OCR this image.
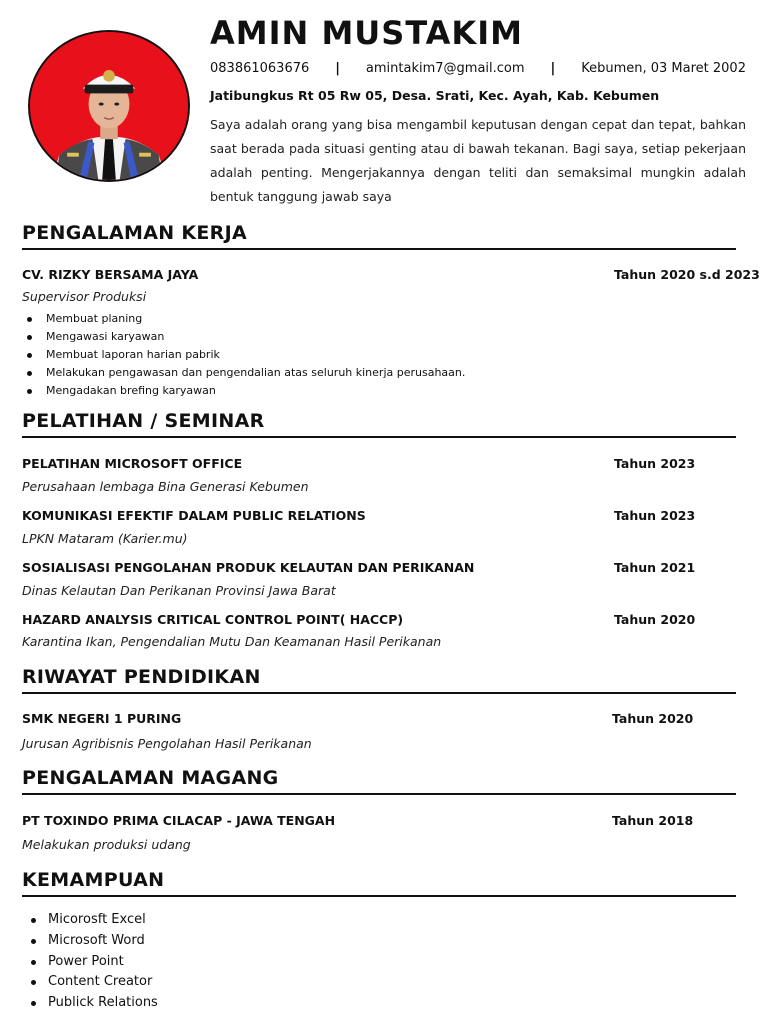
AMIN MUSTAKIM
083861063676 | amintakim7@gmail.com | Kebumen, 03 Maret 2002
Jatibungkus Rt 05 Rw 05, Desa. Srati, Kec. Ayah, Kab. Kebumen
Saya adalah orang yang bisa mengambil keputusan dengan cepat dan tepat, bahkan saat berada pada situasi genting atau di bawah tekanan. Bagi saya, setiap pekerjaan adalah penting. Mengerjakannya dengan teliti dan semaksimal mungkin adalah bentuk tanggung jawab saya
PENGALAMAN KERJA
CV. RIZKY BERSAMA JAYA	Tahun 2020 s.d 2023
Supervisor Produksi
Membuat planing
Mengawasi karyawan
Membuat laporan harian pabrik
Melakukan pengawasan dan pengendalian atas seluruh kinerja perusahaan.
Mengadakan brefing karyawan
PELATIHAN / SEMINAR
PELATIHAN MICROSOFT OFFICE	Tahun 2023
Perusahaan lembaga Bina Generasi Kebumen
KOMUNIKASI EFEKTIF DALAM PUBLIC RELATIONS	Tahun 2023
LPKN Mataram (Karier.mu)
SOSIALISASI PENGOLAHAN PRODUK KELAUTAN DAN PERIKANAN	Tahun 2021
Dinas Kelautan Dan Perikanan Provinsi Jawa Barat
HAZARD ANALYSIS CRITICAL CONTROL POINT( HACCP)	Tahun 2020
Karantina Ikan, Pengendalian Mutu Dan Keamanan Hasil Perikanan
RIWAYAT PENDIDIKAN
SMK NEGERI 1 PURING	Tahun 2020
Jurusan Agribisnis Pengolahan Hasil Perikanan
PENGALAMAN MAGANG
PT TOXINDO PRIMA CILACAP - JAWA TENGAH	Tahun 2018
Melakukan produksi udang
KEMAMPUAN
Micorosft Excel
Microsoft Word
Power Point
Content Creator
Publick Relations
